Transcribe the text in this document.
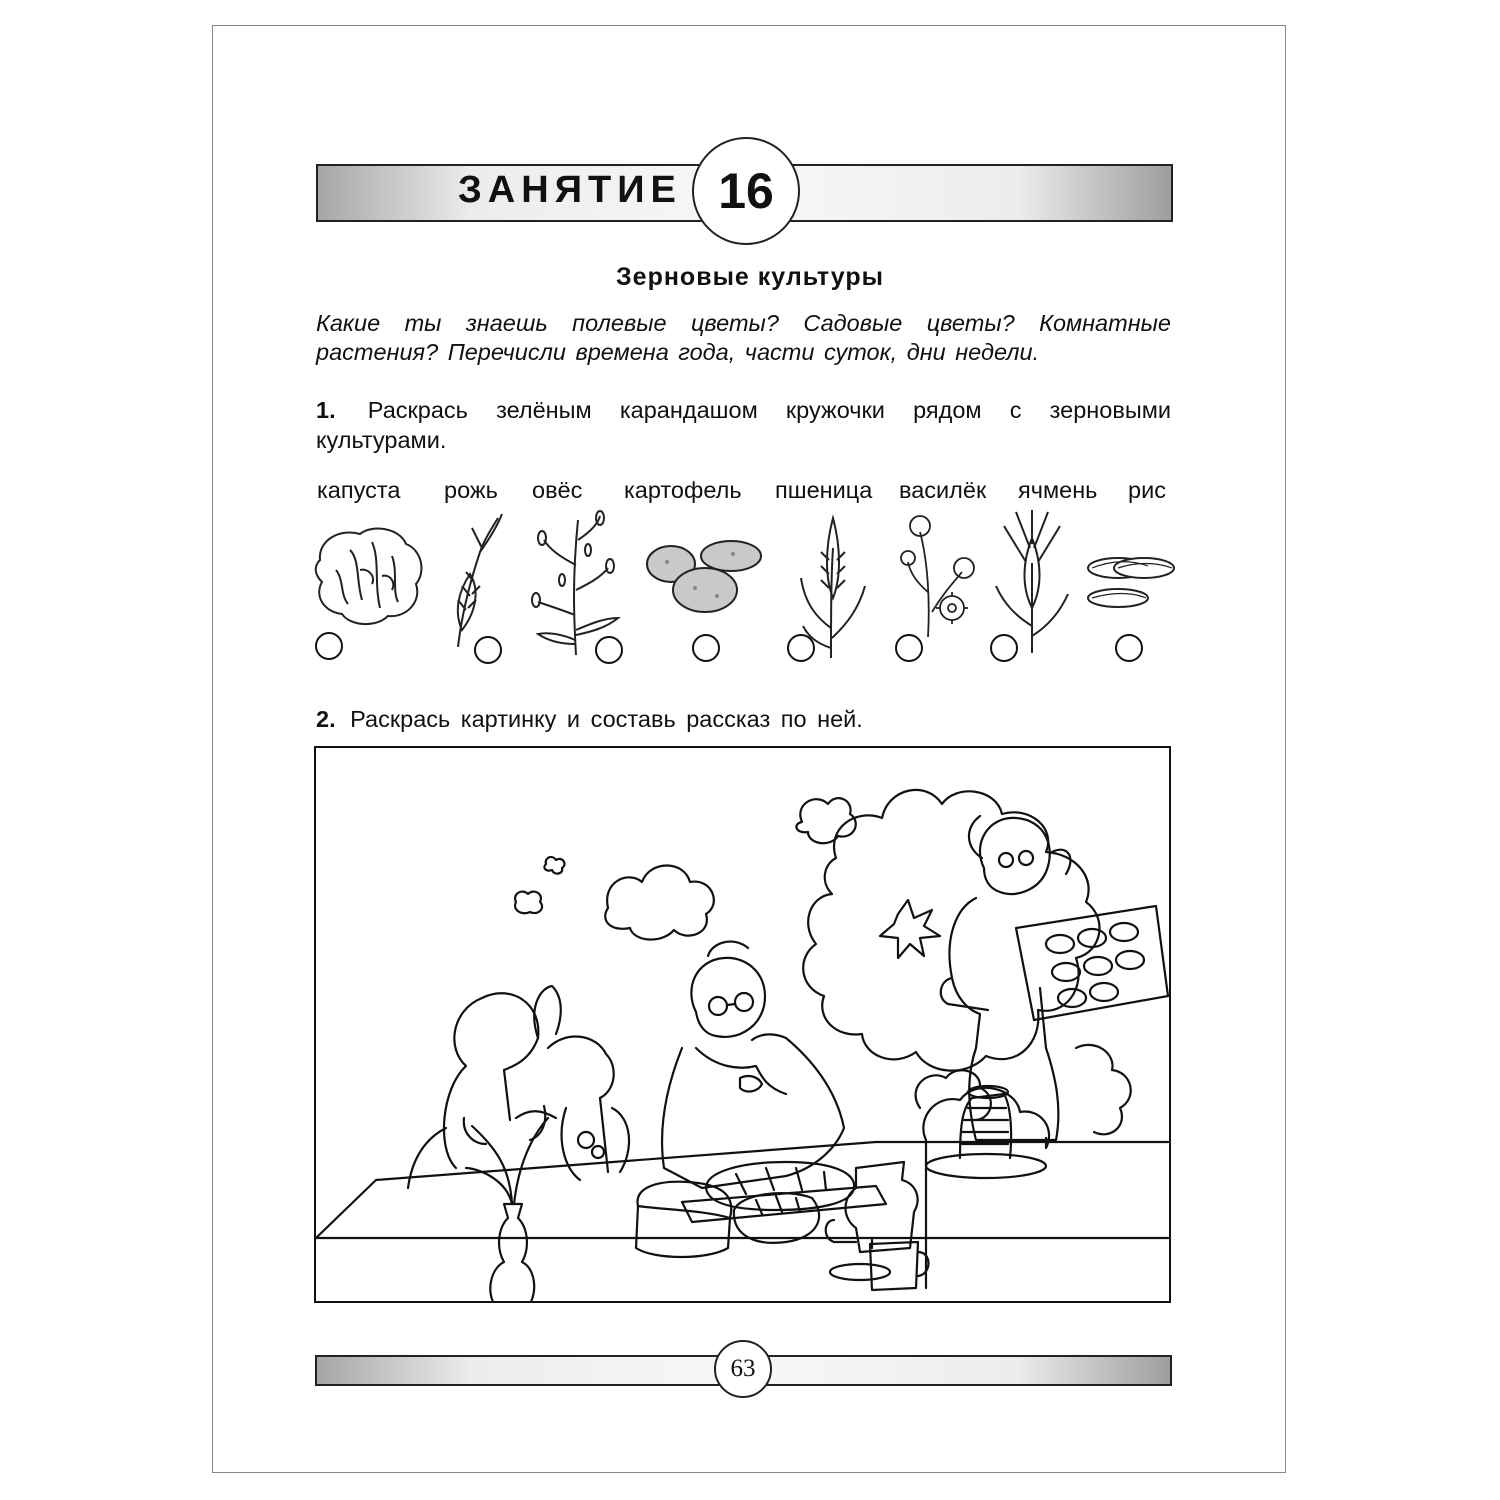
ЗАНЯТИЕ 16
Зерновые культуры
Какие ты знаешь полевые цветы? Садовые цветы? Комнатные растения? Перечисли времена года, части суток, дни недели.
1. Раскрась зелёным карандашом кружочки рядом с зерновыми культурами.
капуста рожь овёс картофель пшеница василёк ячмень рис
2. Раскрась картинку и составь рассказ по ней.
63
